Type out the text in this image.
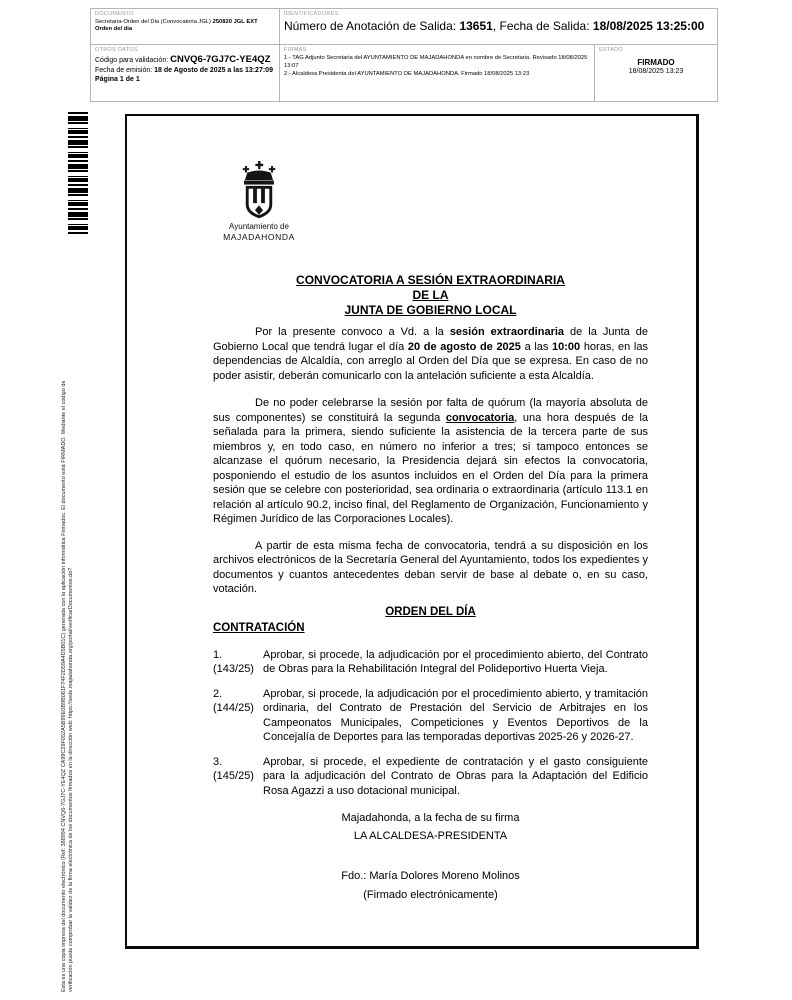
DOCUMENTO
Secretaria-Orden del Dia (Convocatoria JGL) 250820 JGL EXT Orden del dia
IDENTIFICADORES
Número de Anotación de Salida: 13651, Fecha de Salida: 18/08/2025 13:25:00
OTROS DATOS
Código para validación: CNVQ6-7GJ7C-YE4QZ
Fecha de emisión: 18 de Agosto de 2025 a las 13:27:09
Página 1 de 1
FIRMAS
1.- TAG Adjunto Secretaria del AYUNTAMIENTO DE MAJADAHONDA en nombre de Secretaria. Revisado 18/08/2025 13:07
2.- Alcaldesa Presidenta del AYUNTAMIENTO DE MAJADAHONDA. Firmado 18/08/2025 13:23
ESTADO
FIRMADO
18/08/2025 13:23
Esta es una copia impresa del documento electrónico (Ref: 388994 CNVQ6-7GJ7C-YE4QZ CA99C29F052A5B99E0B9B081F74F2D59A4D5B01C) generada con la aplicación informática Firmadoc. El documento está FIRMADO. Mediante el código de verificación puede comprobar la validez de la firma electrónica de los documentos firmados en la dirección web: https://sede.majadahonda.org/portal/verificarDocumentos.do?
Ayuntamiento de
MAJADAHONDA
CONVOCATORIA A SESIÓN EXTRAORDINARIA
DE LA
JUNTA DE GOBIERNO LOCAL

Por la presente convoco a Vd. a la sesión extraordinaria de la Junta de Gobierno Local que tendrá lugar el día 20 de agosto de 2025 a las 10:00 horas, en las dependencias de Alcaldía, con arreglo al Orden del Día que se expresa. En caso de no poder asistir, deberán comunicarlo con la antelación suficiente a esta Alcaldía.

De no poder celebrarse la sesión por falta de quórum (la mayoría absoluta de sus componentes) se constituirá la segunda convocatoria, una hora después de la señalada para la primera, siendo suficiente la asistencia de la tercera parte de sus miembros y, en todo caso, en número no inferior a tres; si tampoco entonces se alcanzase el quórum necesario, la Presidencia dejará sin efectos la convocatoria, posponiendo el estudio de los asuntos incluidos en el Orden del Día para la primera sesión que se celebre con posterioridad, sea ordinaria o extraordinaria (artículo 113.1 en relación al artículo 90.2, inciso final, del Reglamento de Organización, Funcionamiento y Régimen Jurídico de las Corporaciones Locales).

A partir de esta misma fecha de convocatoria, tendrá a su disposición en los archivos electrónicos de la Secretaría General del Ayuntamiento, todos los expedientes y documentos y cuantos antecedentes deban servir de base al debate o, en su caso, votación.

ORDEN DEL DÍA
CONTRATACIÓN
1. (143/25)
Aprobar, si procede, la adjudicación por el procedimiento abierto, del Contrato de Obras para la Rehabilitación Integral del Polideportivo Huerta Vieja.
2. (144/25)
Aprobar, si procede, la adjudicación por el procedimiento abierto, y tramitación ordinaria, del Contrato de Prestación del Servicio de Arbitrajes en los Campeonatos Municipales, Competiciones y Eventos Deportivos de la Concejalía de Deportes para las temporadas deportivas 2025-26 y 2026-27.
3. (145/25)
Aprobar, si procede, el expediente de contratación y el gasto consiguiente para la adjudicación del Contrato de Obras para la Adaptación del Edificio Rosa Agazzi a uso dotacional municipal.
Majadahonda, a la fecha de su firma
LA ALCALDESA-PRESIDENTA
Fdo.: María Dolores Moreno Molinos
(Firmado electrónicamente)
